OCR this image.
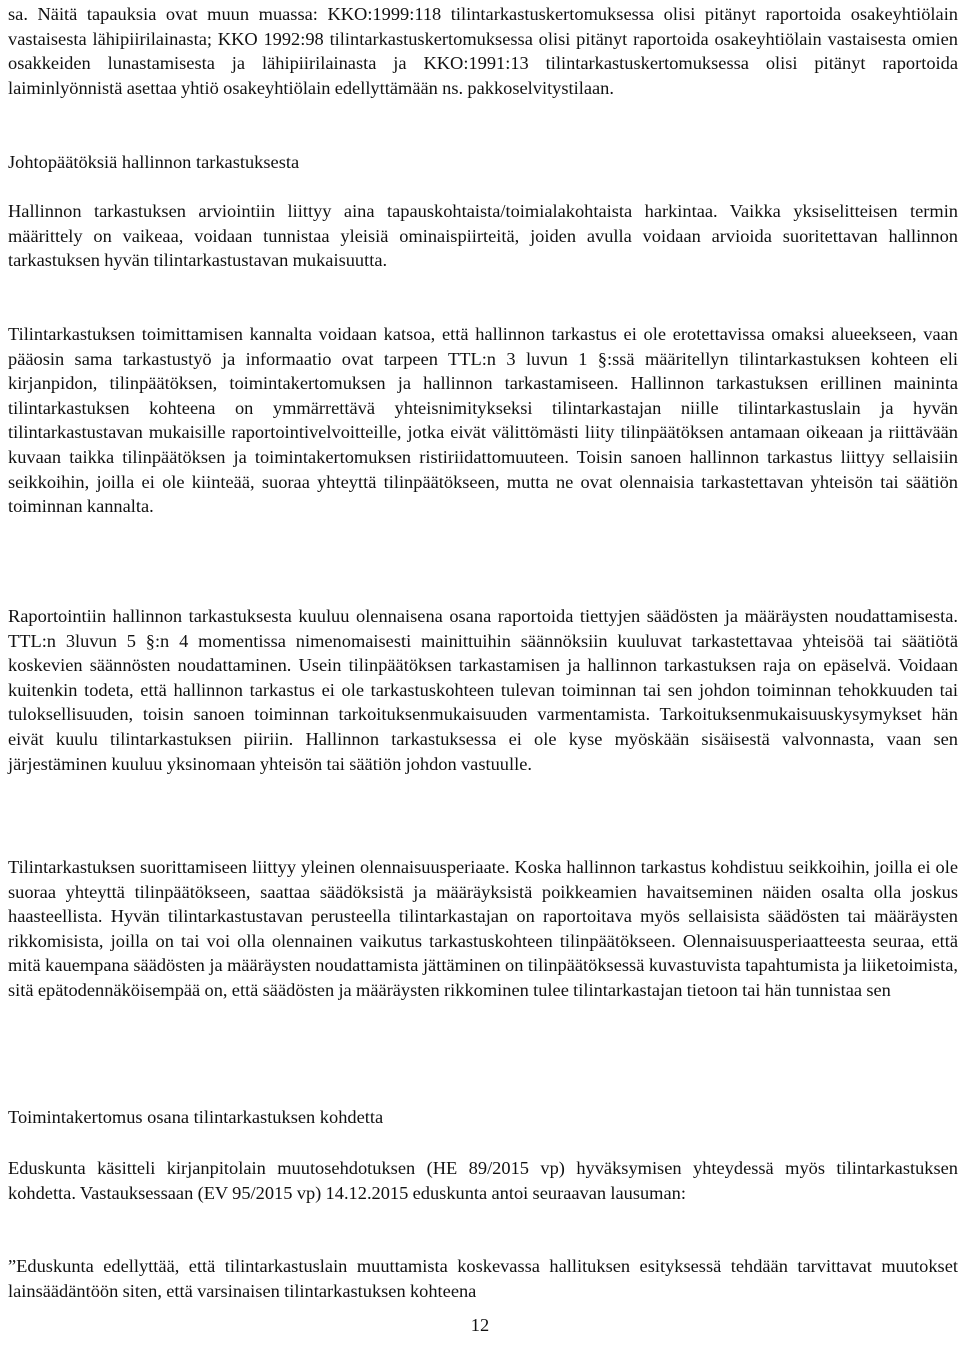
sa. Näitä tapauksia ovat muun muassa: KKO:1999:118 tilintarkastuskertomuksessa olisi pitänyt raportoida osakeyhtiölain vastaisesta lähipiirilainasta; KKO 1992:98 tilintarkastuskertomuksessa olisi pitänyt raportoida osakeyhtiölain vastaisesta omien osakkeiden lunastamisesta ja lähipiirilainasta ja KKO:1991:13 tilintarkastuskertomuksessa olisi pitänyt raportoida laiminlyönnistä asettaa yhtiö osakeyhtiölain edellyttämään ns. pakkoselvitystilaan.

Johtopäätöksiä hallinnon tarkastuksesta

Hallinnon tarkastuksen arviointiin liittyy aina tapauskohtaista/toimialakohtaista harkintaa. Vaikka yksiselitteisen termin määrittely on vaikeaa, voidaan tunnistaa yleisiä ominaispiirteitä, joiden avulla voidaan arvioida suoritettavan hallinnon tarkastuksen hyvän tilintarkastustavan mukaisuutta.

Tilintarkastuksen toimittamisen kannalta voidaan katsoa, että hallinnon tarkastus ei ole erotettavissa omaksi alueekseen, vaan pääosin sama tarkastustyö ja informaatio ovat tarpeen TTL:n 3 luvun 1 §:ssä määritellyn tilintarkastuksen kohteen eli kirjanpidon, tilinpäätöksen, toimintakertomuksen ja hallinnon tarkastamiseen. Hallinnon tarkastuksen erillinen maininta tilintarkastuksen kohteena on ymmärrettävä yhteisnimitykseksi tilintarkastajan niille tilintarkastuslain ja hyvän tilintarkastustavan mukaisille raportointivelvoitteille, jotka eivät välittömästi liity tilinpäätöksen antamaan oikeaan ja riittävään kuvaan taikka tilinpäätöksen ja toimintakertomuksen ristiriidattomuuteen. Toisin sanoen hallinnon tarkastus liittyy sellaisiin seikkoihin, joilla ei ole kiinteää, suoraa yhteyttä tilinpäätökseen, mutta ne ovat olennaisia tarkastettavan yhteisön tai säätiön toiminnan kannalta.

Raportointiin hallinnon tarkastuksesta kuuluu olennaisena osana raportoida tiettyjen säädösten ja määräysten noudattamisesta. TTL:n 3luvun 5 §:n 4 momentissa nimenomaisesti mainittuihin säännöksiin kuuluvat tarkastettavaa yhteisöä tai säätiötä koskevien säännösten noudattaminen. Usein tilinpäätöksen tarkastamisen ja hallinnon tarkastuksen raja on epäselvä. Voidaan kuitenkin todeta, että hallinnon tarkastus ei ole tarkastuskohteen tulevan toiminnan tai sen johdon toiminnan tehokkuuden tai tuloksellisuuden, toisin sanoen toiminnan tarkoituksenmukaisuuden varmentamista. Tarkoituksenmukaisuuskysymykset hän eivät kuulu tilintarkastuksen piiriin. Hallinnon tarkastuksessa ei ole kyse myöskään sisäisestä valvonnasta, vaan sen järjestäminen kuuluu yksinomaan yhteisön tai säätiön johdon vastuulle.

Tilintarkastuksen suorittamiseen liittyy yleinen olennaisuusperiaate. Koska hallinnon tarkastus kohdistuu seikkoihin, joilla ei ole suoraa yhteyttä tilinpäätökseen, saattaa säädöksistä ja määräyksistä poikkeamien havaitseminen näiden osalta olla joskus haasteellista. Hyvän tilintarkastustavan perusteella tilintarkastajan on raportoitava myös sellaisista säädösten tai määräysten rikkomisista, joilla on tai voi olla olennainen vaikutus tarkastuskohteen tilinpäätökseen. Olennaisuusperiaatteesta seuraa, että mitä kauempana säädösten ja määräysten noudattamista jättäminen on tilinpäätöksessä kuvastuvista tapahtumista ja liiketoimista, sitä epätodennäköisempää on, että säädösten ja määräysten rikkominen tulee tilintarkastajan tietoon tai hän tunnistaa sen

Toimintakertomus osana tilintarkastuksen kohdetta

Eduskunta käsitteli kirjanpitolain muutosehdotuksen (HE 89/2015 vp) hyväksymisen yhteydessä myös tilintarkastuksen kohdetta. Vastauksessaan (EV 95/2015 vp) 14.12.2015 eduskunta antoi seuraavan lausuman:

”Eduskunta edellyttää, että tilintarkastuslain muuttamista koskevassa hallituksen esityksessä tehdään tarvittavat muutokset lainsäädäntöön siten, että varsinaisen tilintarkastuksen kohteena

12
